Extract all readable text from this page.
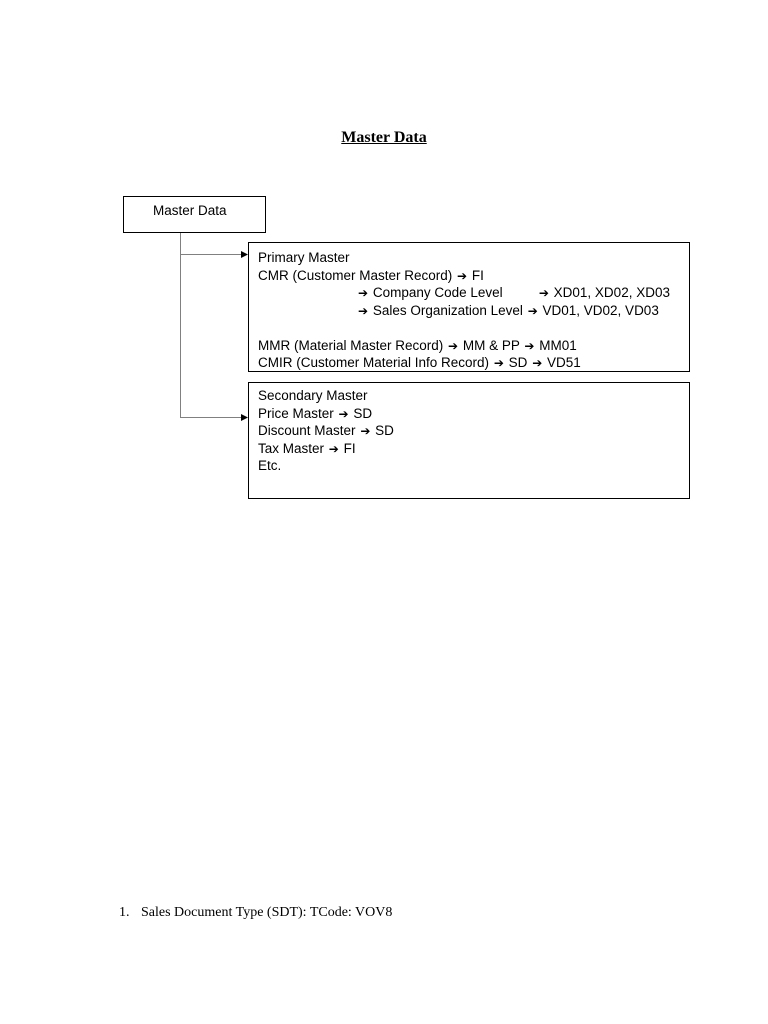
Master Data
Master Data
Primary Master
CMR (Customer Master Record) ➔ FI
➔ Company Code Level	➔ XD01, XD02, XD03
➔ Sales Organization Level ➔ VD01, VD02, VD03
MMR (Material Master Record) ➔ MM & PP ➔ MM01
CMIR (Customer Material Info Record) ➔ SD ➔ VD51
Secondary Master
Price Master ➔ SD
Discount Master ➔ SD
Tax Master ➔ FI
Etc.
1. Sales Document Type (SDT): TCode: VOV8
